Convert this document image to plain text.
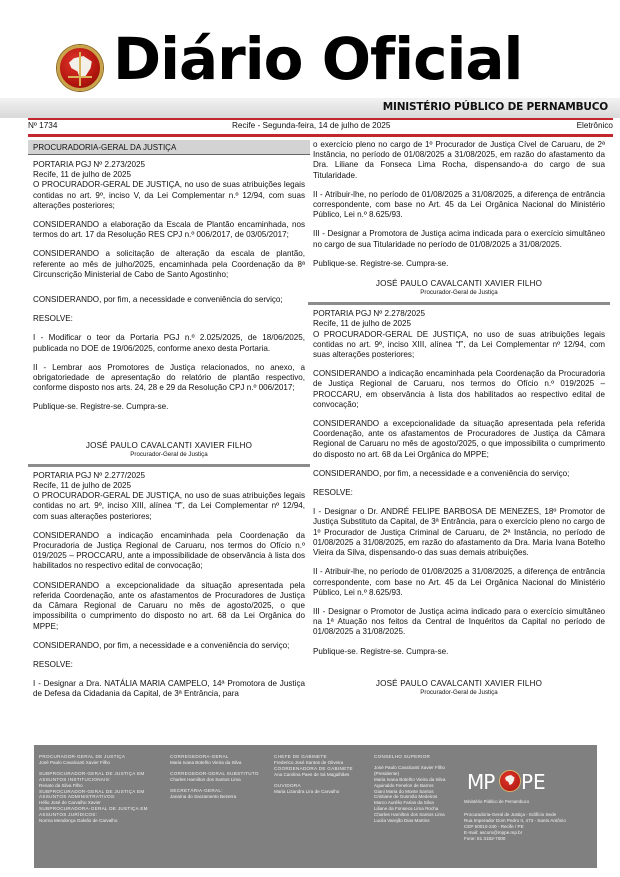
Diário Oficial
MINISTÉRIO PÚBLICO DE PERNAMBUCO
Nº 1734	Recife - Segunda-feira, 14 de julho de 2025	Eletrônico
PROCURADORIA-GERAL DA JUSTIÇA
PORTARIA PGJ Nº 2.273/2025
Recife, 11 de julho de 2025
O PROCURADOR-GERAL DE JUSTIÇA, no uso de suas atribuições legais contidas no art. 9º, inciso V, da Lei Complementar n.º 12/94, com suas alterações posteriores;
CONSIDERANDO a elaboração da Escala de Plantão encaminhada, nos termos do art. 17 da Resolução RES CPJ n.º 006/2017, de 03/05/2017;
CONSIDERANDO a solicitação de alteração da escala de plantão, referente ao mês de julho/2025, encaminhada pela Coordenação da 8ª Circunscrição Ministerial de Cabo de Santo Agostinho;
CONSIDERANDO, por fim, a necessidade e conveniência do serviço;
RESOLVE:
I - Modificar o teor da Portaria PGJ n.º 2.025/2025, de 18/06/2025, publicada no DOE de 19/06/2025, conforme anexo desta Portaria.
II - Lembrar aos Promotores de Justiça relacionados, no anexo, a obrigatoriedade de apresentação do relatório de plantão respectivo, conforme disposto nos arts. 24, 28 e 29 da Resolução CPJ n.º 006/2017;
Publique-se. Registre-se. Cumpra-se.
JOSÉ PAULO CAVALCANTI XAVIER FILHO
Procurador-Geral de Justiça
PORTARIA PGJ Nº 2.277/2025
Recife, 11 de julho de 2025
O PROCURADOR-GERAL DE JUSTIÇA, no uso de suas atribuições legais contidas no art. 9º, inciso XIII, alínea “f”, da Lei Complementar nº 12/94, com suas alterações posteriores;
CONSIDERANDO a indicação encaminhada pela Coordenação da Procuradoria de Justiça Regional de Caruaru, nos termos do Ofício n.º 019/2025 – PROCCARU, ante a impossibilidade de observância à lista dos habilitados no respectivo edital de convocação;
CONSIDERANDO a excepcionalidade da situação apresentada pela referida Coordenação, ante os afastamentos de Procuradores de Justiça da Câmara Regional de Caruaru no mês de agosto/2025, o que impossibilita o cumprimento do disposto no art. 68 da Lei Orgânica do MPPE;
CONSIDERANDO, por fim, a necessidade e a conveniência do serviço;
RESOLVE:
I - Designar a Dra. NATÁLIA MARIA CAMPELO, 14ª Promotora de Justiça de Defesa da Cidadania da Capital, de 3ª Entrância, para
o exercício pleno no cargo de 1º Procurador de Justiça Cível de Caruaru, de 2ª Instância, no período de 01/08/2025 a 31/08/2025, em razão do afastamento da Dra. Liliane da Fonseca Lima Rocha, dispensando-a do cargo de sua Titularidade.
II - Atribuir-lhe, no período de 01/08/2025 a 31/08/2025, a diferença de entrância correspondente, com base no Art. 45 da Lei Orgânica Nacional do Ministério Público, Lei n.º 8.625/93.
III - Designar a Promotora de Justiça acima indicada para o exercício simultâneo no cargo de sua Titularidade no período de 01/08/2025 a 31/08/2025.
Publique-se. Registre-se. Cumpra-se.
JOSÉ PAULO CAVALCANTI XAVIER FILHO
Procurador-Geral de Justiça
PORTARIA PGJ Nº 2.278/2025
Recife, 11 de julho de 2025
O PROCURADOR-GERAL DE JUSTIÇA, no uso de suas atribuições legais contidas no art. 9º, inciso XIII, alínea “f”, da Lei Complementar nº 12/94, com suas alterações posteriores;
CONSIDERANDO a indicação encaminhada pela Coordenação da Procuradoria de Justiça Regional de Caruaru, nos termos do Ofício n.º 019/2025 – PROCCARU, em observância à lista dos habilitados ao respectivo edital de convocação;
CONSIDERANDO a excepcionalidade da situação apresentada pela referida Coordenação, ante os afastamentos de Procuradores de Justiça da Câmara Regional de Caruaru no mês de agosto/2025, o que impossibilita o cumprimento do disposto no art. 68 da Lei Orgânica do MPPE;
CONSIDERANDO, por fim, a necessidade e a conveniência do serviço;
RESOLVE:
I - Designar o Dr. ANDRÉ FELIPE BARBOSA DE MENEZES, 18º Promotor de Justiça Substituto da Capital, de 3ª Entrância, para o exercício pleno no cargo de 1º Procurador de Justiça Criminal de Caruaru, de 2ª Instância, no período de 01/08/2025 a 31/08/2025, em razão do afastamento da Dra. Maria Ivana Botelho Vieira da Silva, dispensando-o das suas demais atribuições.
II - Atribuir-lhe, no período de 01/08/2025 a 31/08/2025, a diferença de entrância correspondente, com base no Art. 45 da Lei Orgânica Nacional do Ministério Público, Lei n.º 8.625/93.
III - Designar o Promotor de Justiça acima indicado para o exercício simultâneo na 1ª Atuação nos feitos da Central de Inquéritos da Capital no período de 01/08/2025 a 31/08/2025.
Publique-se. Registre-se. Cumpra-se.
JOSÉ PAULO CAVALCANTI XAVIER FILHO
Procurador-Geral de Justiça
PROCURADOR-GERAL DE JUSTIÇA
José Paulo Cavalcanti Xavier Filho
SUBPROCURADOR-GERAL DE JUSTIÇA EM ASSUNTOS INSTITUCIONAIS:
Renato da Silva Filho
SUBPROCURADOR-GERAL DE JUSTIÇA EM ASSUNTOS ADMINISTRATIVOS:
Hélio José de Carvalho Xavier
SUBPROCURADORA-GERAL DE JUSTIÇA EM ASSUNTOS JURÍDICOS:
Norma Mendonça Galvão de Carvalho
CORREGEDORA-GERAL
Maria Ivana Botelho Vieira da Silva
CORREGEDOR-GERAL SUBSTITUTO
Charles Hamilton dos Santos Lima
SECRETÁRIA-GERAL:
Janaína do Sacramento Bezerra
CHEFE DE GABINETE
Frederico José Santos de Oliveira
COORDENADORA DE GABINETE
Ana Carolina Paes de Sá Magalhães
OUVIDORA
Maria Lizandra Lira de Carvalho
CONSELHO SUPERIOR
José Paulo Cavalcanti Xavier Filho
(Presidente)
Maria Ivana Botelho Vieira da Silva
Aguinaldo Fenelon de Barros
Giani Maria do Monte Santos
Cristiane de Gusmão Medeiros
Marco Aurélio Farias da Silva
Liliane da Fonseca Lima Rocha
Charles Hamilton dos Santos Lima
Lucila Varejão Dias Martins
MP PE
Ministério Público de Pernambuco
Procuradoria-Geral de Justiça - Edifício Sede
Rua Imperador Dom Pedro II, 473 - Santo Antônio
CEP 50010-240 - Recife / PE
E-mail: ascom@mppe.mp.br
Fone: 81 3182-7000
